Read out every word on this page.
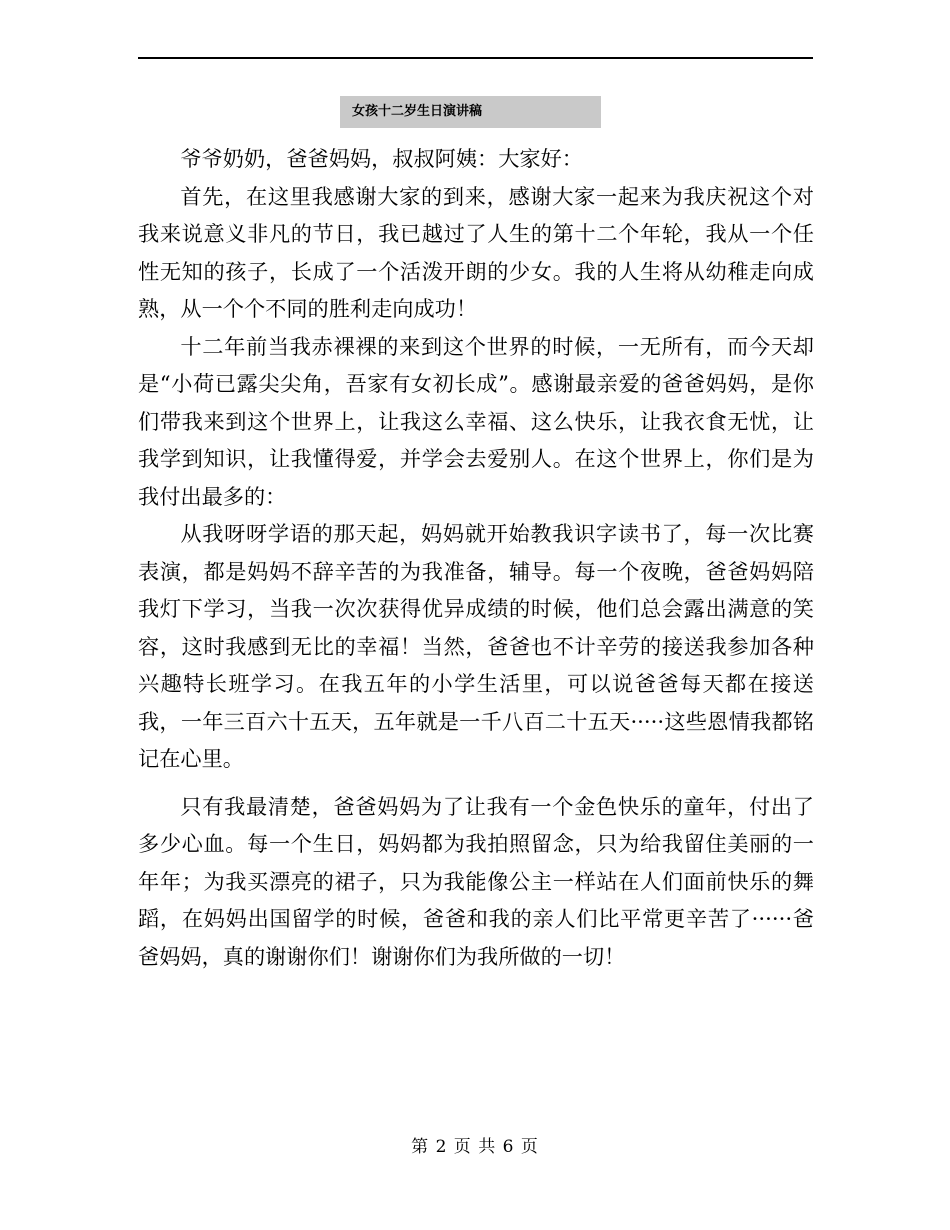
女孩十二岁生日演讲稿

爷爷奶奶，爸爸妈妈，叔叔阿姨：大家好：

首先，在这里我感谢大家的到来，感谢大家一起来为我庆祝这个对我来说意义非凡的节日，我已越过了人生的第十二个年轮，我从一个任性无知的孩子，长成了一个活泼开朗的少女。我的人生将从幼稚走向成熟，从一个个不同的胜利走向成功！

十二年前当我赤裸裸的来到这个世界的时候，一无所有，而今天却是“小荷已露尖尖角，吾家有女初长成”。感谢最亲爱的爸爸妈妈，是你们带我来到这个世界上，让我这么幸福、这么快乐，让我衣食无忧，让我学到知识，让我懂得爱，并学会去爱别人。在这个世界上，你们是为我付出最多的：

从我呀呀学语的那天起，妈妈就开始教我识字读书了，每一次比赛表演，都是妈妈不辞辛苦的为我准备，辅导。每一个夜晚，爸爸妈妈陪我灯下学习，当我一次次获得优异成绩的时候，他们总会露出满意的笑容，这时我感到无比的幸福！当然，爸爸也不计辛劳的接送我参加各种兴趣特长班学习。在我五年的小学生活里，可以说爸爸每天都在接送我，一年三百六十五天，五年就是一千八百二十五天·····这些恩情我都铭记在心里。

只有我最清楚，爸爸妈妈为了让我有一个金色快乐的童年，付出了多少心血。每一个生日，妈妈都为我拍照留念，只为给我留住美丽的一年年；为我买漂亮的裙子，只为我能像公主一样站在人们面前快乐的舞蹈，在妈妈出国留学的时候，爸爸和我的亲人们比平常更辛苦了······爸爸妈妈，真的谢谢你们！谢谢你们为我所做的一切！

第 2 页 共 6 页
